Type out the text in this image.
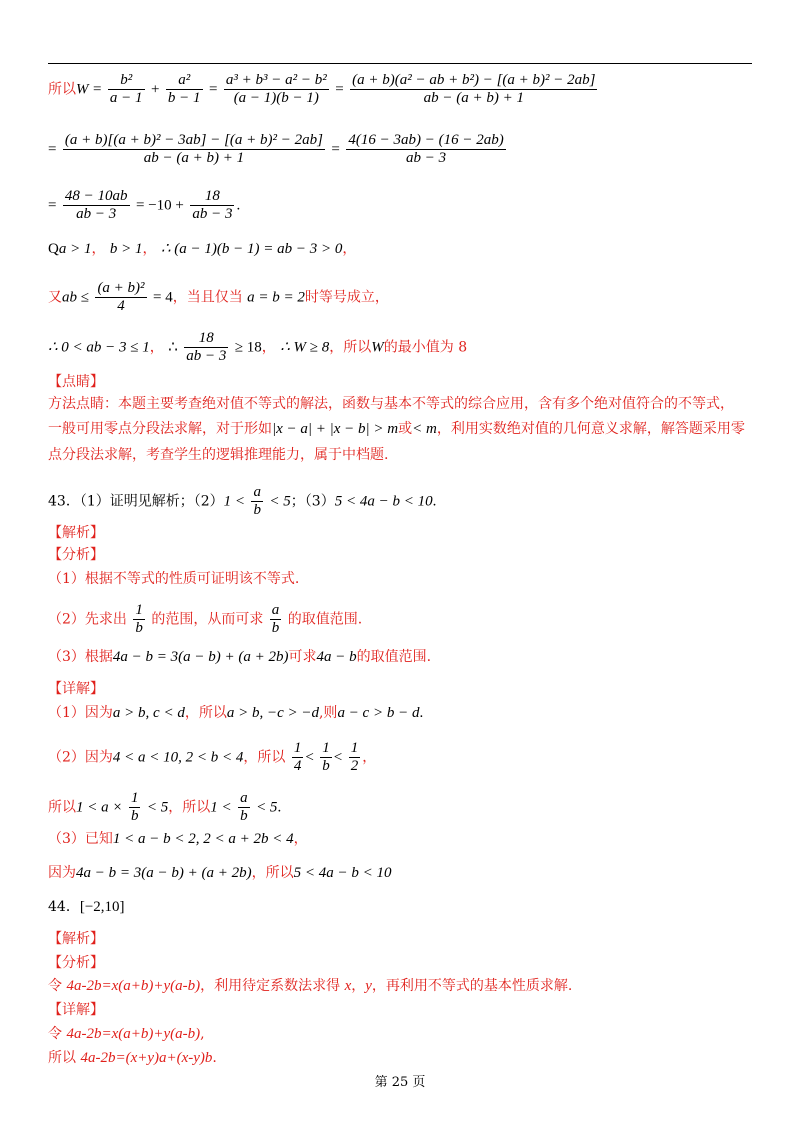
所以$W = \frac{\text{b²}}{a - 1} + \frac{\text{a²}}{b - 1} = \frac{\text{a³ + b³ − a² − b²}}{(a - 1)(b - 1)} = \frac{\text{(a + b)(a² − ab + b²) − [(a + b)² − 2ab]}}{ab - (a + b) + 1}$
= $\frac{\text{(a + b)[(a + b)² − 3ab] − [(a + b)² − 2ab]}}{ab - (a + b) + 1} = \frac{4(16 - 3ab) - (16 - 2ab)}{ab - 3}$
= $\frac{48 - 10ab}{ab - 3} = -10 + \frac{18}{ab - 3}$ .
Qa > 1， b > 1， ∴ (a − 1)(b − 1) = ab − 3 > 0，
又ab ≤ $\frac{\text{(a + b)²}}{4} = 4$，当且仅当 a = b = 2时等号成立，
∴ 0 < ab − 3 ≤ 1， ∴ $\frac{18}{ab - 3} \ge 18$， ∴ W ≥ 8，所以W的最小值为 8
【点睛】
方法点睛：本题主要考查绝对值不等式的解法，函数与基本不等式的综合应用，含有多个绝对值符合的不等式，
一般可用零点分段法求解，对于形如|x − a| + |x − b| > m或< m，利用实数绝对值的几何意义求解，解答题采用零
点分段法求解，考查学生的逻辑推理能力，属于中档题.
43．（1）证明见解析；$(2)1 < \frac{a}{b} < 5$；（3）5 < 4a − b < 10.
【解析】
【分析】
（1）根据不等式的性质可证明该不等式.
（2）先求出 $\frac{1}{b}$ 的范围，从而可求 $\frac{a}{b}$ 的取值范围.
（3）根据4a − b = 3(a − b) + (a + 2b)可求4a − b的取值范围.
【详解】
（1）因为a > b, c < d，所以a > b, −c > −d,则a − c > b − d.
（2）因为4 < a < 10, 2 < b < 4，所以 $\frac{1}{4} < \frac{1}{b} < \frac{1}{2}$ ，
所以$1 < a \times \frac{1}{b} < 5$，所以$1 < \frac{a}{b} < 5$.
（3）已知1 < a − b < 2, 2 < a + 2b < 4，
因为4a − b = 3(a − b) + (a + 2b)，所以5 < 4a − b < 10
44．[−2,10]
【解析】
【分析】
令 4a-2b=x(a+b)+y(a-b)，利用待定系数法求得 x，y，再利用不等式的基本性质求解.
【详解】
令 4a-2b=x(a+b)+y(a-b),
所以 4a-2b=(x+y)a+(x-y)b.
第 25 页
